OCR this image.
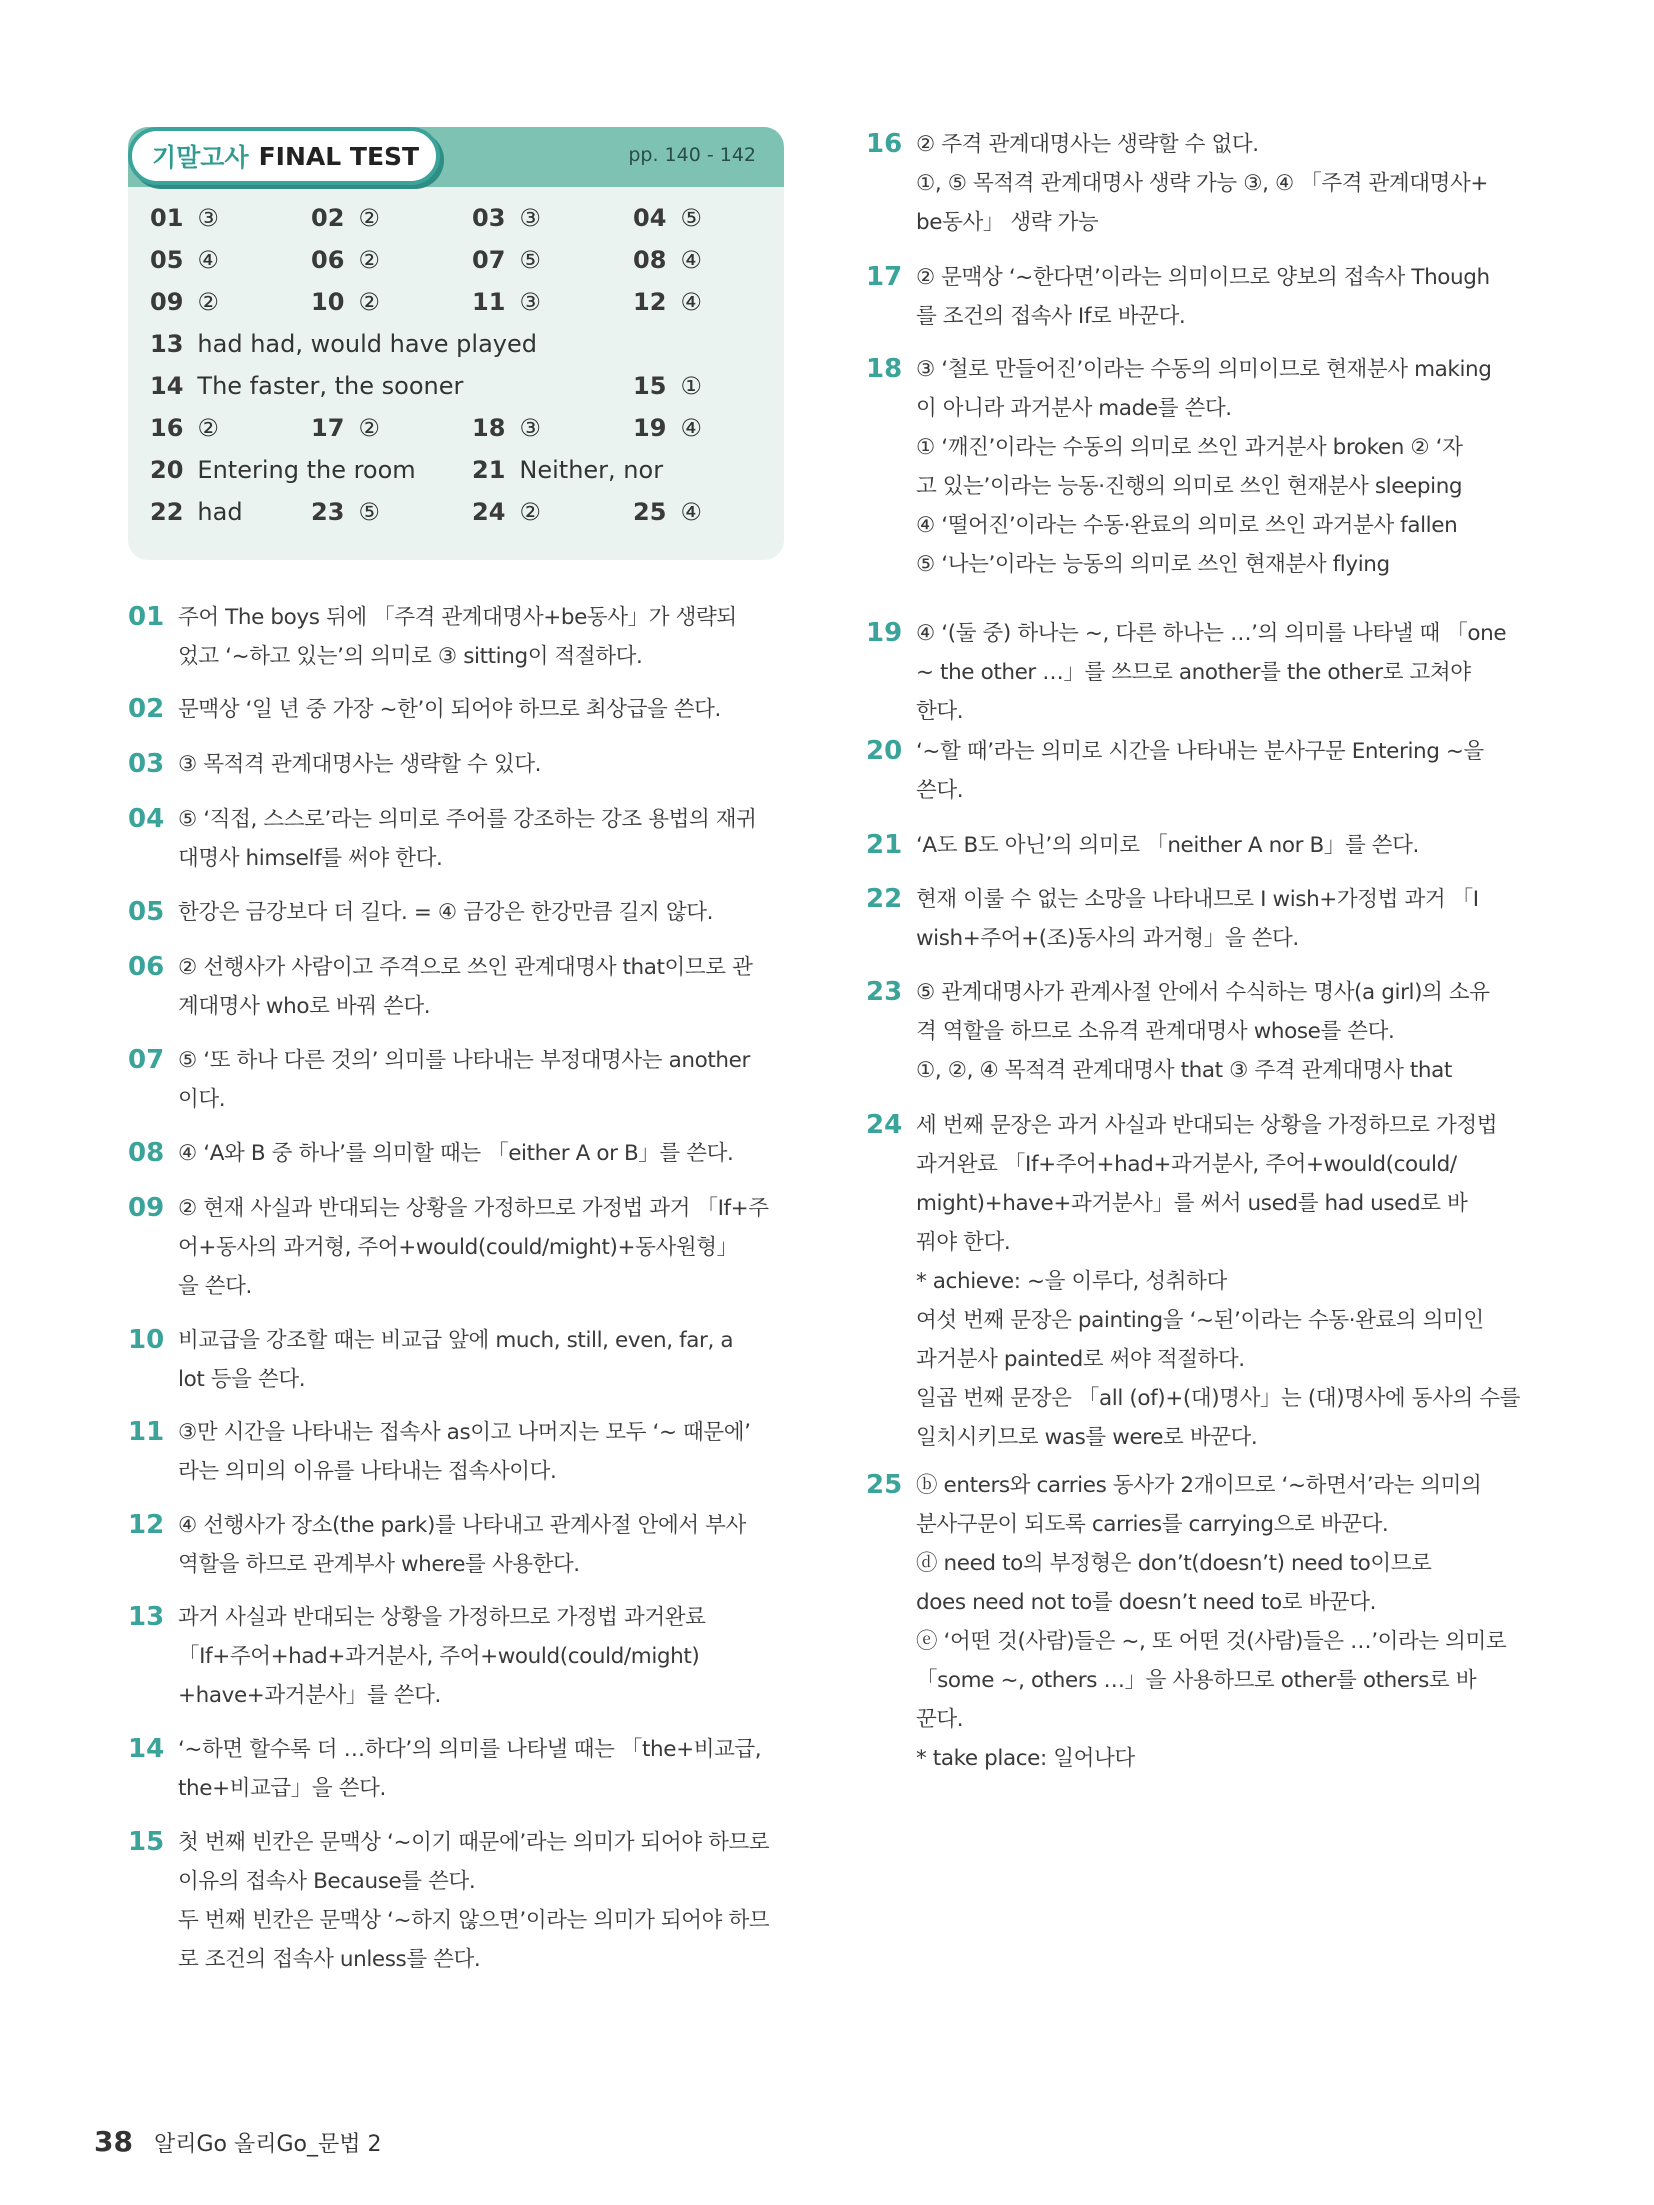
기말고사 FINAL TEST	pp. 140 - 142
01 ③	02 ②	03 ③	04 ⑤
05 ④	06 ②	07 ⑤	08 ④
09 ②	10 ②	11 ③	12 ④
13 had had, would have played
14 The faster, the sooner	15 ①
16 ②	17 ②	18 ③	19 ④
20 Entering the room 21 Neither, nor
22 had	23 ⑤	24 ②	25 ④
01 주어 The boys 뒤에 「주격 관계대명사+be동사」가 생략되
었고 ‘~하고 있는’의 의미로 ③ sitting이 적절하다.
02 문맥상 ‘일 년 중 가장 ~한’이 되어야 하므로 최상급을 쓴다.
03 ③ 목적격 관계대명사는 생략할 수 있다.
04 ⑤ ‘직접, 스스로’라는 의미로 주어를 강조하는 강조 용법의 재귀
대명사 himself를 써야 한다.
05 한강은 금강보다 더 길다. = ④ 금강은 한강만큼 길지 않다.
06 ② 선행사가 사람이고 주격으로 쓰인 관계대명사 that이므로 관
계대명사 who로 바꿔 쓴다.
07 ⑤ ‘또 하나 다른 것의’ 의미를 나타내는 부정대명사는 another
이다.
08 ④ ‘A와 B 중 하나’를 의미할 때는 「either A or B」를 쓴다.
09 ② 현재 사실과 반대되는 상황을 가정하므로 가정법 과거 「If+주
어+동사의 과거형, 주어+would(could/might)+동사원형」
을 쓴다.
10 비교급을 강조할 때는 비교급 앞에 much, still, even, far, a
lot 등을 쓴다.
11 ③만 시간을 나타내는 접속사 as이고 나머지는 모두 ‘~ 때문에’
라는 의미의 이유를 나타내는 접속사이다.
12 ④ 선행사가 장소(the park)를 나타내고 관계사절 안에서 부사
역할을 하므로 관계부사 where를 사용한다.
13 과거 사실과 반대되는 상황을 가정하므로 가정법 과거완료
「If+주어+had+과거분사, 주어+would(could/might)
+have+과거분사」를 쓴다.
14 ‘~하면 할수록 더 …하다’의 의미를 나타낼 때는 「the+비교급,
the+비교급」을 쓴다.
15 첫 번째 빈칸은 문맥상 ‘~이기 때문에’라는 의미가 되어야 하므로
이유의 접속사 Because를 쓴다.
두 번째 빈칸은 문맥상 ‘~하지 않으면’이라는 의미가 되어야 하므
로 조건의 접속사 unless를 쓴다.
16 ② 주격 관계대명사는 생략할 수 없다.
①, ⑤ 목적격 관계대명사 생략 가능 ③, ④ 「주격 관계대명사+
be동사」 생략 가능
17 ② 문맥상 ‘~한다면’이라는 의미이므로 양보의 접속사 Though
를 조건의 접속사 If로 바꾼다.
18 ③ ‘철로 만들어진’이라는 수동의 의미이므로 현재분사 making
이 아니라 과거분사 made를 쓴다.
① ‘깨진’이라는 수동의 의미로 쓰인 과거분사 broken ② ‘자
고 있는’이라는 능동·진행의 의미로 쓰인 현재분사 sleeping
④ ‘떨어진’이라는 수동·완료의 의미로 쓰인 과거분사 fallen
⑤ ‘나는’이라는 능동의 의미로 쓰인 현재분사 flying
19 ④ ‘(둘 중) 하나는 ~, 다른 하나는 …’의 의미를 나타낼 때 「one
~ the other …」를 쓰므로 another를 the other로 고쳐야
한다.
20 ‘~할 때’라는 의미로 시간을 나타내는 분사구문 Entering ~을
쓴다.
21 ‘A도 B도 아닌’의 의미로 「neither A nor B」를 쓴다.
22 현재 이룰 수 없는 소망을 나타내므로 I wish+가정법 과거 「I
wish+주어+(조)동사의 과거형」을 쓴다.
23 ⑤ 관계대명사가 관계사절 안에서 수식하는 명사(a girl)의 소유
격 역할을 하므로 소유격 관계대명사 whose를 쓴다.
①, ②, ④ 목적격 관계대명사 that ③ 주격 관계대명사 that
24 세 번째 문장은 과거 사실과 반대되는 상황을 가정하므로 가정법
과거완료 「If+주어+had+과거분사, 주어+would(could/
might)+have+과거분사」를 써서 used를 had used로 바
꿔야 한다.
* achieve: ~을 이루다, 성취하다
여섯 번째 문장은 painting을 ‘~된’이라는 수동·완료의 의미인
과거분사 painted로 써야 적절하다.
일곱 번째 문장은 「all (of)+(대)명사」는 (대)명사에 동사의 수를
일치시키므로 was를 were로 바꾼다.
25 ⓑ enters와 carries 동사가 2개이므로 ‘~하면서’라는 의미의
분사구문이 되도록 carries를 carrying으로 바꾼다.
ⓓ need to의 부정형은 don’t(doesn’t) need to이므로
does need not to를 doesn’t need to로 바꾼다.
ⓔ ‘어떤 것(사람)들은 ~, 또 어떤 것(사람)들은 …’이라는 의미로
「some ~, others …」을 사용하므로 other를 others로 바
꾼다.
* take place: 일어나다
38 알리Go 올리Go_문법 2
